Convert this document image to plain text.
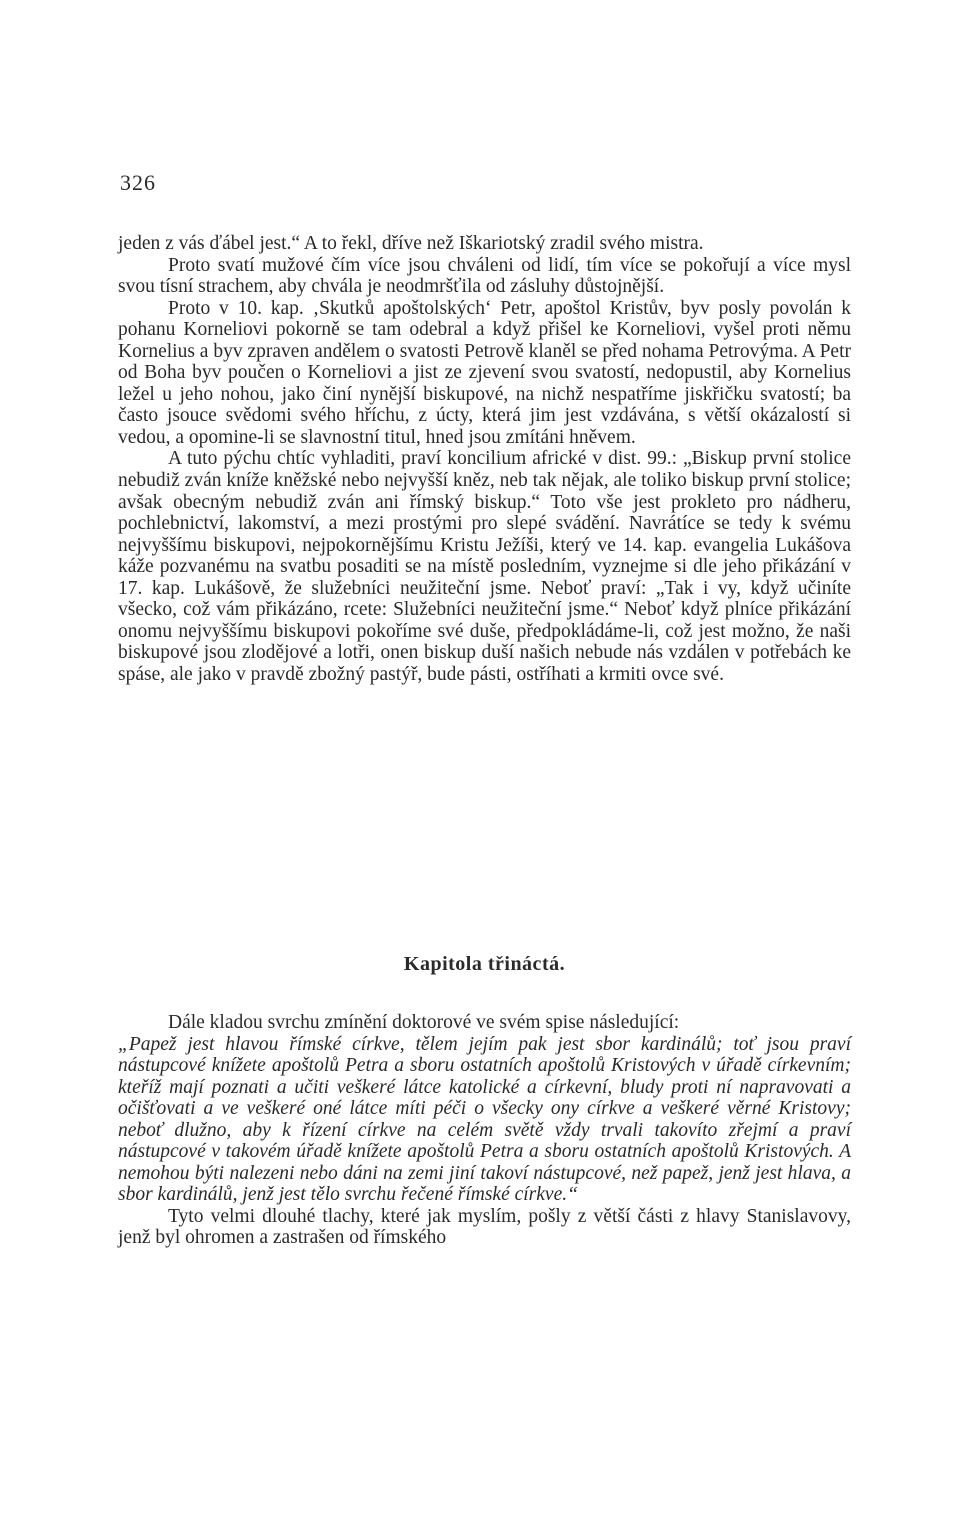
326

jeden z vás ďábel jest.“ A to řekl, dříve než Iškariotský zradil svého mistra.

Proto svatí mužové čím více jsou chváleni od lidí, tím více se pokořují a více mysl svou tísní strachem, aby chvála je neodmršťila od zásluhy důstojnější.

Proto v 10. kap. ‚Skutků apoštolských‘ Petr, apoštol Kristův, byv posly povolán k pohanu Korneliovi pokorně se tam odebral a když přišel ke Korneliovi, vyšel proti němu Kornelius a byv zpraven andělem o svatosti Petrově klaněl se před nohama Petrovýma. A Petr od Boha byv poučen o Korneliovi a jist ze zjevení svou svatostí, nedopustil, aby Kornelius ležel u jeho nohou, jako činí nynější biskupové, na nichž nespatříme jiskřičku svatostí; ba často jsouce svědomi svého hříchu, z úcty, která jim jest vzdávána, s větší okázalostí si vedou, a opomine-li se slavnostní titul, hned jsou zmítáni hněvem.

A tuto pýchu chtíc vyhladiti, praví koncilium africké v dist. 99.: „Biskup první stolice nebudiž zván kníže kněžské nebo nejvyšší kněz, neb tak nějak, ale toliko biskup první stolice; avšak obecným nebudiž zván ani římský biskup.“ Toto vše jest prokleto pro nádheru, pochlebnictví, lakomství, a mezi prostými pro slepé svádění. Navrátíce se tedy k svému nejvyššímu biskupovi, nejpokornějšímu Kristu Ježíši, který ve 14. kap. evangelia Lukášova káže pozvanému na svatbu posaditi se na místě posledním, vyznejme si dle jeho přikázání v 17. kap. Lukášově, že služebníci neužiteční jsme. Neboť praví: „Tak i vy, když učiníte všecko, což vám přikázáno, rcete: Služebníci neužiteční jsme.“ Neboť když plníce přikázání onomu nejvyššímu biskupovi pokoříme své duše, předpokládáme-li, což jest možno, že naši biskupové jsou zlodějové a lotři, onen biskup duší našich nebude nás vzdálen v potřebách ke spáse, ale jako v pravdě zbožný pastýř, bude pásti, ostříhati a krmiti ovce své.

Kapitola třináctá.

Dále kladou svrchu zmínění doktorové ve svém spise následující:

„Papež jest hlavou římské církve, tělem jejím pak jest sbor kardinálů; toť jsou praví nástupcové knížete apoštolů Petra a sboru ostatních apoštolů Kristových v úřadě církevním; kteříž mají poznati a učiti veškeré látce katolické a církevní, bludy proti ní napravovati a očišťovati a ve veškeré oné látce míti péči o všecky ony církve a veškeré věrné Kristovy; neboť dlužno, aby k řízení církve na celém světě vždy trvali takovíto zřejmí a praví nástupcové v takovém úřadě knížete apoštolů Petra a sboru ostatních apoštolů Kristových. A nemohou býti nalezeni nebo dáni na zemi jiní takoví nástupcové, než papež, jenž jest hlava, a sbor kardinálů, jenž jest tělo svrchu řečené římské církve.“

Tyto velmi dlouhé tlachy, které jak myslím, pošly z větší části z hlavy Stanislavovy, jenž byl ohromen a zastrašen od římského
